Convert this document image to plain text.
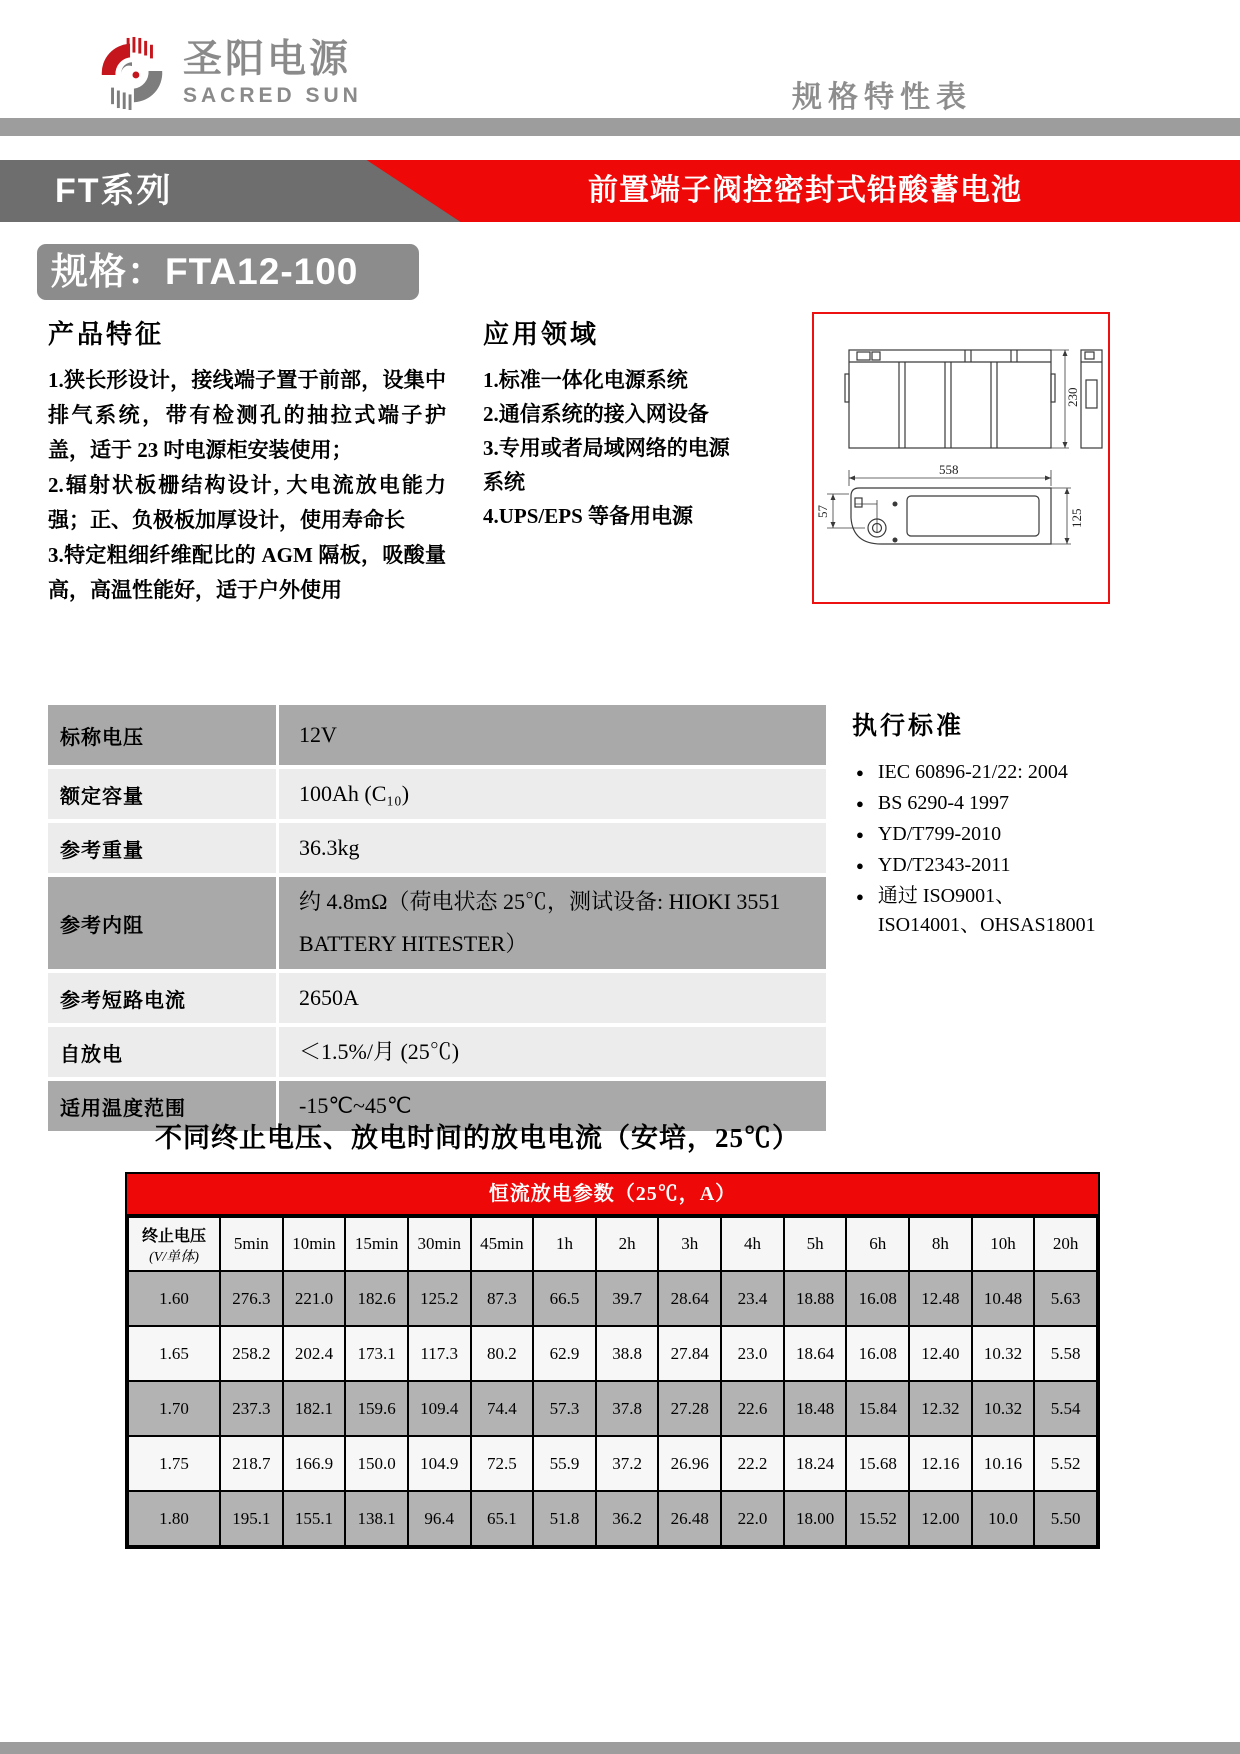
圣阳电源
SACRED SUN	规格特性表
FT系列	前置端子阀控密封式铅酸蓄电池
规格：FTA12-100
产品特征
1.狭长形设计，接线端子置于前部，设集中排气系统，带有检测孔的抽拉式端子护盖，适于 23 吋电源柜安装使用；
2.辐射状板栅结构设计, 大电流放电能力强；正、负极板加厚设计，使用寿命长
3.特定粗细纤维配比的 AGM 隔板，吸酸量高，高温性能好，适于户外使用
应用领域
1.标准一体化电源系统
2.通信系统的接入网设备
3.专用或者局域网络的电源系统
4.UPS/EPS 等备用电源
230
558
57	125
标称电压	12V
额定容量	100Ah (C₁₀)
参考重量	36.3kg
参考内阻
约 4.8mΩ（荷电状态 25℃，测试设备: HIOKI 3551 BATTERY HITESTER）
参考短路电流	2650A
自放电	＜1.5%/月 (25℃)
适用温度范围	-15℃~45℃
执行标准
● IEC 60896-21/22: 2004
● BS 6290-4 1997
● YD/T799-2010
● YD/T2343-2011
● 通过 ISO9001、ISO14001、OHSAS18001
不同终止电压、放电时间的放电电流（安培，25℃）
恒流放电参数（25℃，A）
终止电压
(V/单体)	5min	10min	15min	30min	45min	1h	2h	3h	4h	5h	6h	8h	10h	20h
1.60	276.3	221.0	182.6	125.2	87.3	66.5	39.7	28.64	23.4	18.88	16.08	12.48	10.48	5.63
1.65	258.2	202.4	173.1	117.3	80.2	62.9	38.8	27.84	23.0	18.64	16.08	12.40	10.32	5.58
1.70	237.3	182.1	159.6	109.4	74.4	57.3	37.8	27.28	22.6	18.48	15.84	12.32	10.32	5.54
1.75	218.7	166.9	150.0	104.9	72.5	55.9	37.2	26.96	22.2	18.24	15.68	12.16	10.16	5.52
1.80	195.1	155.1	138.1	96.4	65.1	51.8	36.2	26.48	22.0	18.00	15.52	12.00	10.0	5.50
